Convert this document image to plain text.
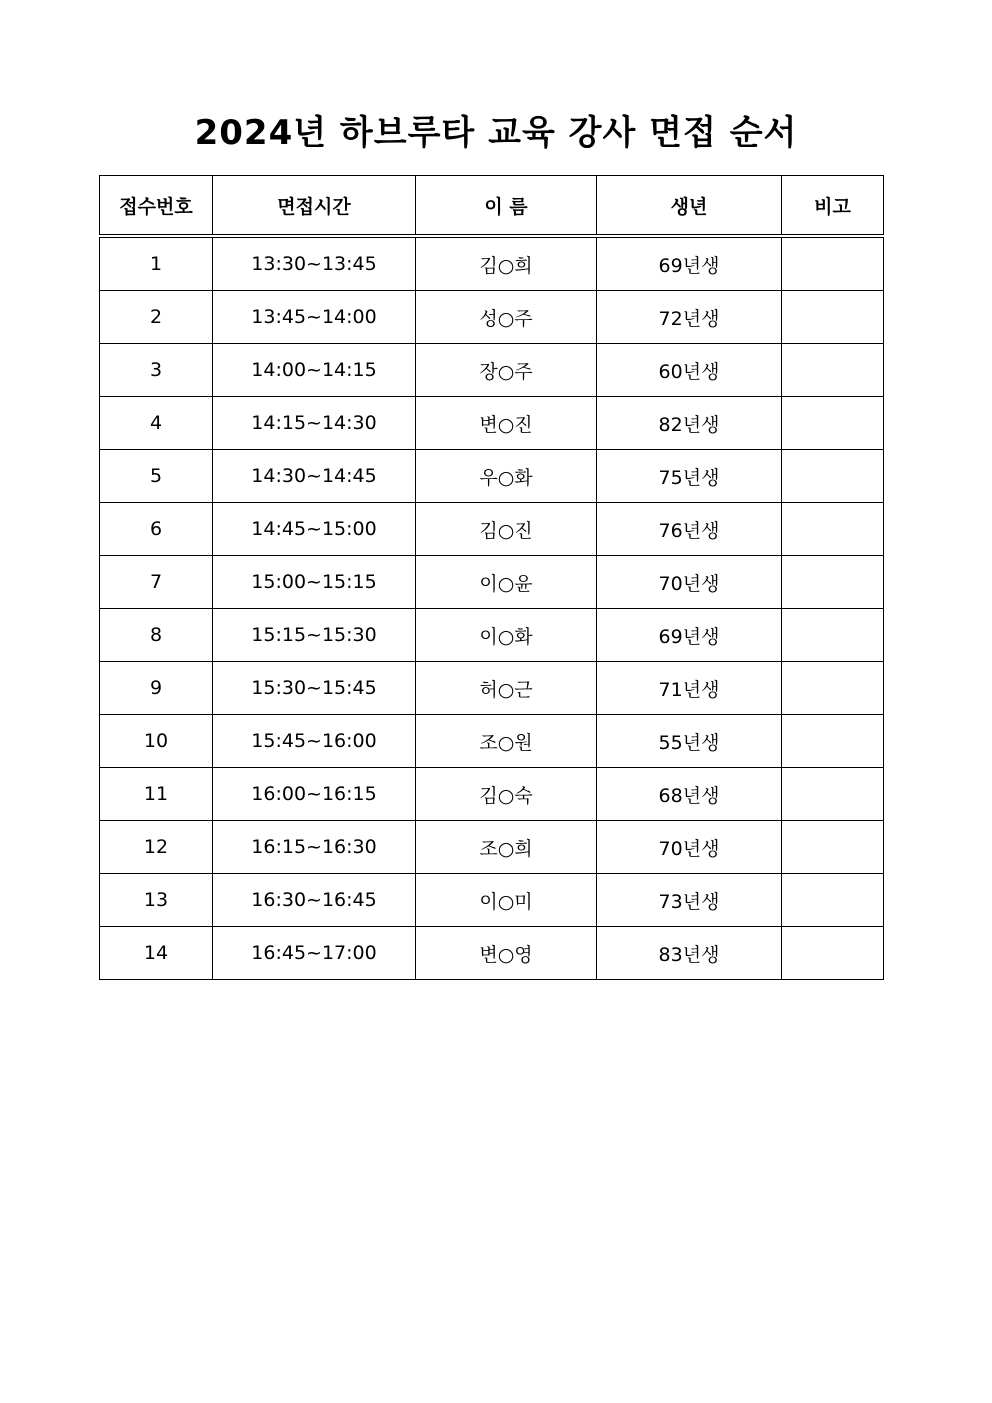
2024년 하브루타 교육 강사 면접 순서
접수번호	면접시간	이 름	생년	비고
1	13:30~13:45	김○희	69년생	
2	13:45~14:00	성○주	72년생	
3	14:00~14:15	장○주	60년생	
4	14:15~14:30	변○진	82년생	
5	14:30~14:45	우○화	75년생	
6	14:45~15:00	김○진	76년생	
7	15:00~15:15	이○윤	70년생	
8	15:15~15:30	이○화	69년생	
9	15:30~15:45	허○근	71년생	
10	15:45~16:00	조○원	55년생	
11	16:00~16:15	김○숙	68년생	
12	16:15~16:30	조○희	70년생	
13	16:30~16:45	이○미	73년생	
14	16:45~17:00	변○영	83년생	
